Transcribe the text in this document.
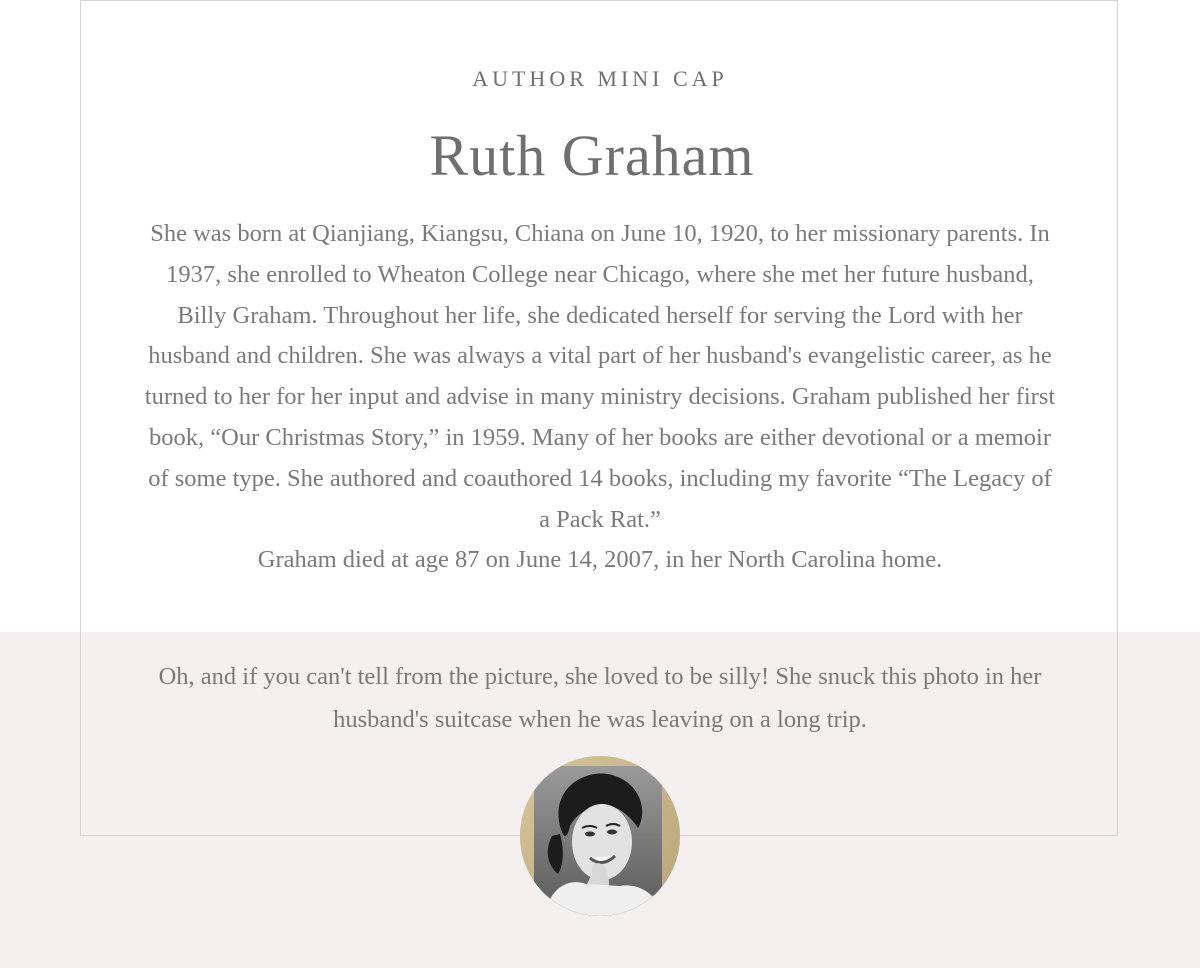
AUTHOR MINI CAP
Ruth Graham

She was born at Qianjiang, Kiangsu, Chiana on June 10, 1920, to her missionary parents. In 1937, she enrolled to Wheaton College near Chicago, where she met her future husband, Billy Graham. Throughout her life, she dedicated herself for serving the Lord with her husband and children. She was always a vital part of her husband's evangelistic career, as he turned to her for her input and advise in many ministry decisions. Graham published her first book, “Our Christmas Story,” in 1959. Many of her books are either devotional or a memoir of some type. She authored and coauthored 14 books, including my favorite “The Legacy of a Pack Rat.”

Graham died at age 87 on June 14, 2007, in her North Carolina home.

Oh, and if you can't tell from the picture, she loved to be silly! She snuck this photo in her husband's suitcase when he was leaving on a long trip.
